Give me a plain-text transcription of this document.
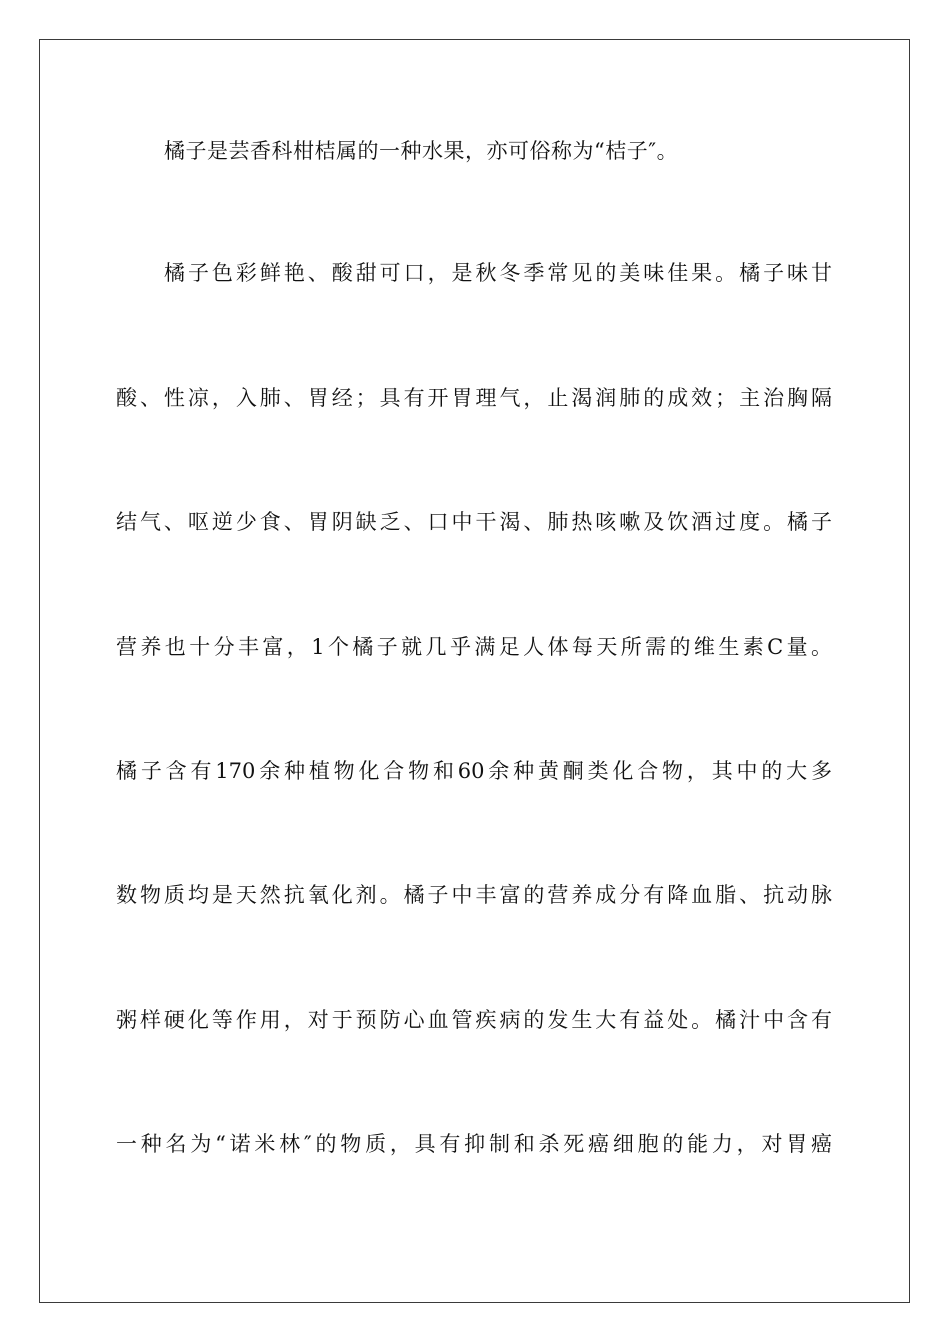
橘子是芸香科柑桔属的一种水果，亦可俗称为“桔子″。
橘子色彩鲜艳、酸甜可口，是秋冬季常见的美味佳果。橘子味甘
酸、性凉，入肺、胃经；具有开胃理气，止渴润肺的成效；主治胸隔
结气、呕逆少食、胃阴缺乏、口中干渴、肺热咳嗽及饮酒过度。橘子
营养也十分丰富，1个橘子就几乎满足人体每天所需的维生素C量。
橘子含有170余种植物化合物和60余种黄酮类化合物，其中的大多
数物质均是天然抗氧化剂。橘子中丰富的营养成分有降血脂、抗动脉
粥样硬化等作用，对于预防心血管疾病的发生大有益处。橘汁中含有
一种名为“诺米林″的物质，具有抑制和杀死癌细胞的能力，对胃癌
